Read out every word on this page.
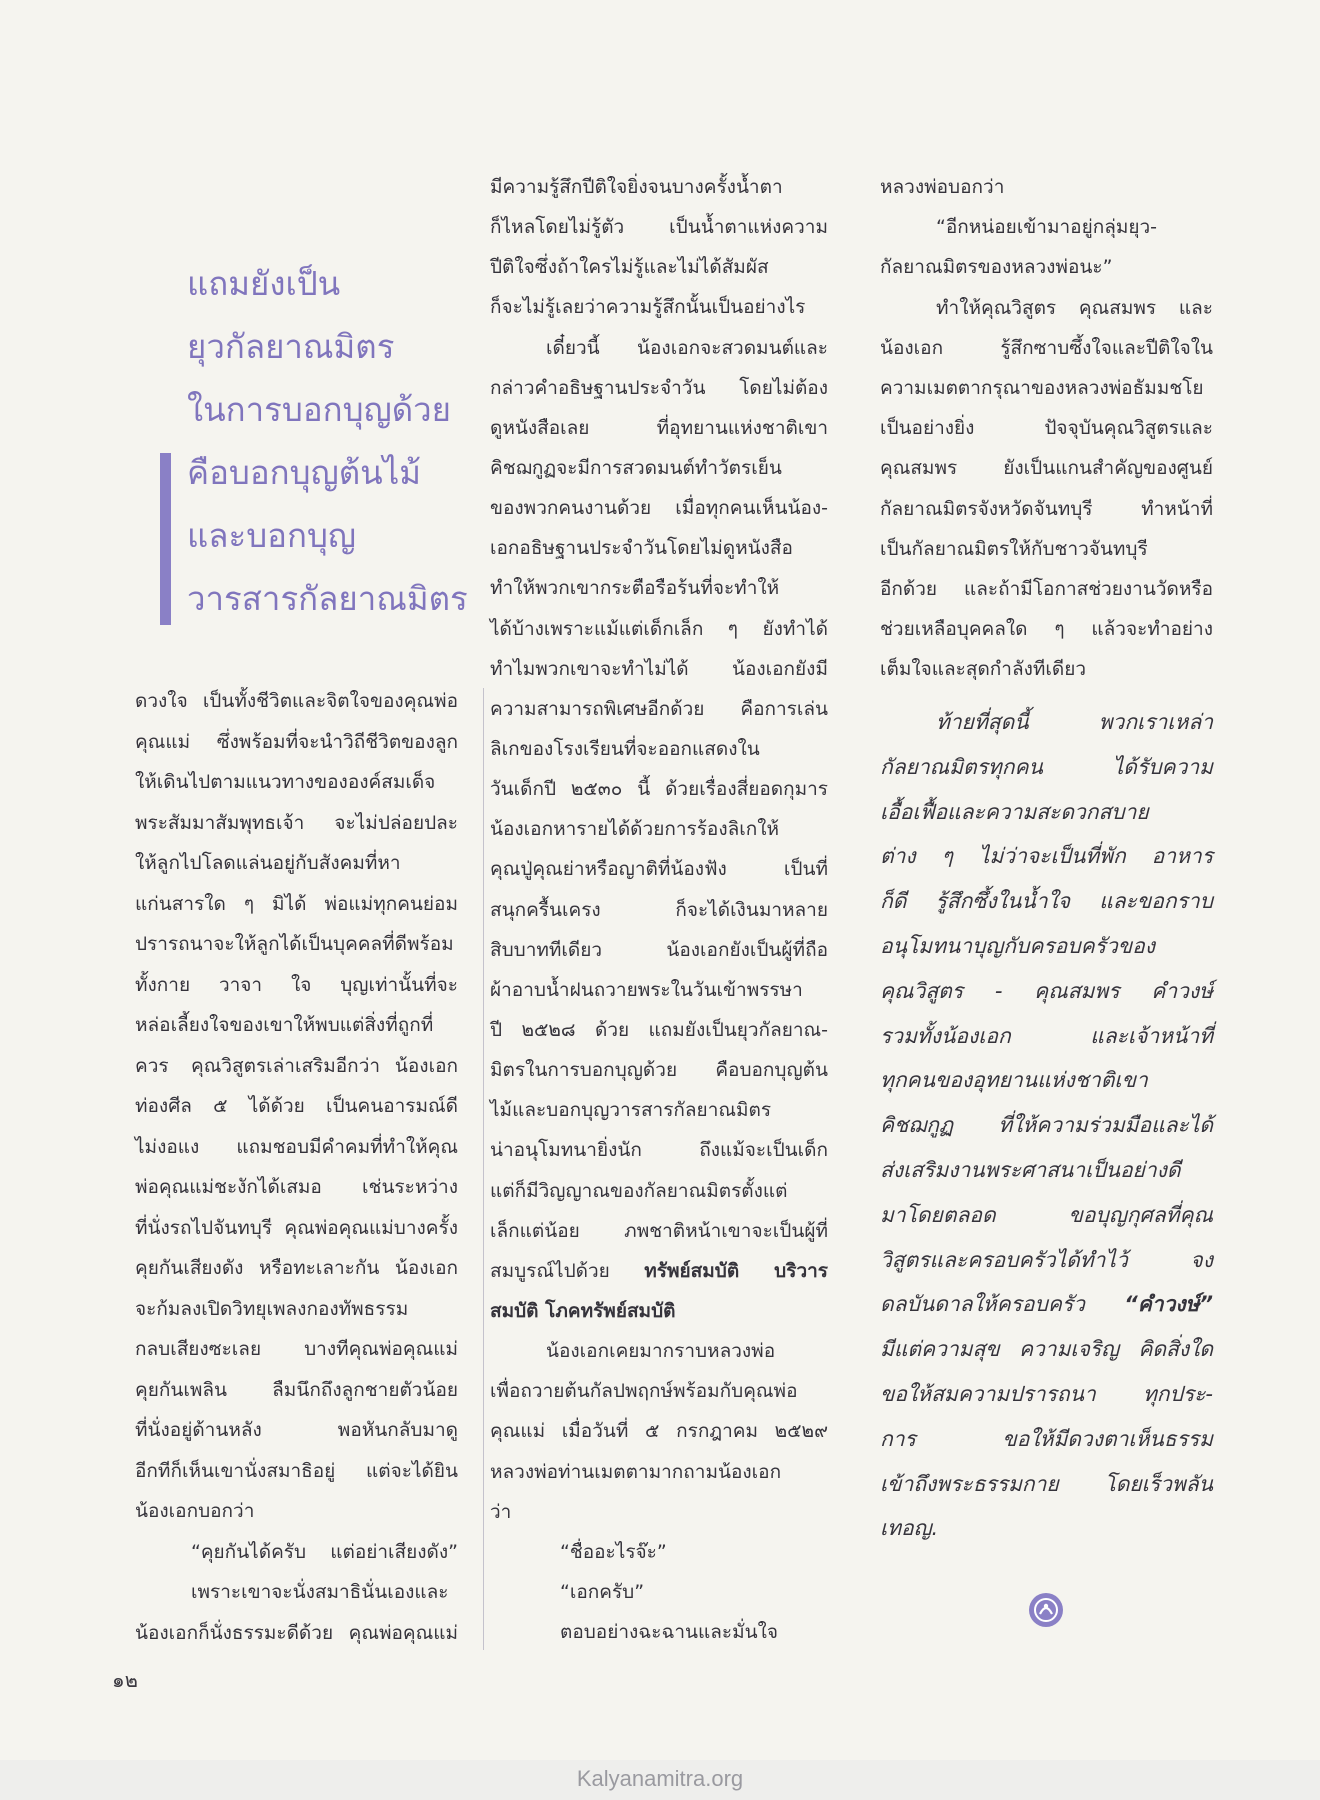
แถมยังเป็น
ยุวกัลยาณมิตร
ในการบอกบุญด้วย
คือบอกบุญต้นไม้
และบอกบุญ
วารสารกัลยาณมิตร
ดวงใจ เป็นทั้งชีวิตและจิตใจของคุณพ่อ
คุณแม่ ซึ่งพร้อมที่จะนำวิถีชีวิตของลูก
ให้เดินไปตามแนวทางขององค์สมเด็จ
พระสัมมาสัมพุทธเจ้า จะไม่ปล่อยปละ
ให้ลูกไปโลดแล่นอยู่กับสังคมที่หา
แก่นสารใด ๆ มิได้ พ่อแม่ทุกคนย่อม
ปรารถนาจะให้ลูกได้เป็นบุคคลที่ดีพร้อม
ทั้งกาย วาจา ใจ บุญเท่านั้นที่จะ
หล่อเลี้ยงใจของเขาให้พบแต่สิ่งที่ถูกที่ควร	คุณวิสูตรเล่าเสริมอีกว่า น้องเอก
ท่องศีล ๕ ได้ด้วย เป็นคนอารมณ์ดี
ไม่งอแง แถมชอบมีคำคมที่ทำให้คุณ
พ่อคุณแม่ชะงักได้เสมอ เช่นระหว่าง
ที่นั่งรถไปจันทบุรี คุณพ่อคุณแม่บางครั้ง
คุยกันเสียงดัง หรือทะเลาะกัน น้องเอก
จะก้มลงเปิดวิทยุเพลงกองทัพธรรม
กลบเสียงซะเลย บางทีคุณพ่อคุณแม่
คุยกันเพลิน ลืมนึกถึงลูกชายตัวน้อย
ที่นั่งอยู่ด้านหลัง พอหันกลับมาดู
อีกทีก็เห็นเขานั่งสมาธิอยู่ แต่จะได้ยิน
น้องเอกบอกว่า
“คุยกันได้ครับ แต่อย่าเสียงดัง”
เพราะเขาจะนั่งสมาธินั่นเองและ
น้องเอกก็นั่งธรรมะดีด้วย คุณพ่อคุณแม่
มีความรู้สึกปีติใจยิ่งจนบางครั้งน้ำตา
ก็ไหลโดยไม่รู้ตัว เป็นน้ำตาแห่งความ
ปีติใจซึ่งถ้าใครไม่รู้และไม่ได้สัมผัส
ก็จะไม่รู้เลยว่าความรู้สึกนั้นเป็นอย่างไร
เดี๋ยวนี้ น้องเอกจะสวดมนต์และ
กล่าวคำอธิษฐานประจำวัน โดยไม่ต้อง
ดูหนังสือเลย ที่อุทยานแห่งชาติเขา
คิชฌกูฏจะมีการสวดมนต์ทำวัตรเย็น
ของพวกคนงานด้วย เมื่อทุกคนเห็นน้อง-
เอกอธิษฐานประจำวันโดยไม่ดูหนังสือ
ทำให้พวกเขากระตือรือร้นที่จะทำให้
ได้บ้างเพราะแม้แต่เด็กเล็ก ๆ ยังทำได้
ทำไมพวกเขาจะทำไม่ได้ น้องเอกยังมี
ความสามารถพิเศษอีกด้วย คือการเล่น
ลิเกของโรงเรียนที่จะออกแสดงใน
วันเด็กปี ๒๕๓๐ นี้ ด้วยเรื่องสี่ยอดกุมาร
น้องเอกหารายได้ด้วยการร้องลิเกให้
คุณปู่คุณย่าหรือญาติที่น้องฟัง เป็นที่
สนุกครื้นเครง ก็จะได้เงินมาหลาย
สิบบาททีเดียว น้องเอกยังเป็นผู้ที่ถือ
ผ้าอาบน้ำฝนถวายพระในวันเข้าพรรษา
ปี ๒๕๒๘ ด้วย แถมยังเป็นยุวกัลยาณ-
มิตรในการบอกบุญด้วย คือบอกบุญต้น
ไม้และบอกบุญวารสารกัลยาณมิตร
น่าอนุโมทนายิ่งนัก ถึงแม้จะเป็นเด็ก
แต่ก็มีวิญญาณของกัลยาณมิตรตั้งแต่
เล็กแต่น้อย ภพชาติหน้าเขาจะเป็นผู้ที่
สมบูรณ์ไปด้วย ทรัพย์สมบัติ บริวาร
สมบัติ โภคทรัพย์สมบัติ
น้องเอกเคยมากราบหลวงพ่อ
เพื่อถวายต้นกัลปพฤกษ์พร้อมกับคุณพ่อ
คุณแม่ เมื่อวันที่ ๕ กรกฎาคม ๒๕๒๙
หลวงพ่อท่านเมตตามากถามน้องเอก
ว่า
“ชื่ออะไรจ๊ะ”
“เอกครับ”
ตอบอย่างฉะฉานและมั่นใจ
หลวงพ่อบอกว่า
“อีกหน่อยเข้ามาอยู่กลุ่มยุว-
กัลยาณมิตรของหลวงพ่อนะ”
ทำให้คุณวิสูตร คุณสมพร และ
น้องเอก รู้สึกซาบซึ้งใจและปีติใจใน
ความเมตตากรุณาของหลวงพ่อธัมมชโย
เป็นอย่างยิ่ง ปัจจุบันคุณวิสูตรและ
คุณสมพร ยังเป็นแกนสำคัญของศูนย์
กัลยาณมิตรจังหวัดจันทบุรี ทำหน้าที่
เป็นกัลยาณมิตรให้กับชาวจันทบุรี
อีกด้วย และถ้ามีโอกาสช่วยงานวัดหรือ
ช่วยเหลือบุคคลใด ๆ แล้วจะทำอย่าง
เต็มใจและสุดกำลังทีเดียว
ท้ายที่สุดนี้ พวกเราเหล่า
กัลยาณมิตรทุกคน ได้รับความ
เอื้อเฟื้อและความสะดวกสบาย
ต่าง ๆ ไม่ว่าจะเป็นที่พัก อาหาร
ก็ดี รู้สึกซึ้งในน้ำใจ และขอกราบ
อนุโมทนาบุญกับครอบครัวของ
คุณวิสูตร - คุณสมพร คำวงษ์
รวมทั้งน้องเอก และเจ้าหน้าที่
ทุกคนของอุทยานแห่งชาติเขา
คิชฌกูฏ ที่ให้ความร่วมมือและได้
ส่งเสริมงานพระศาสนาเป็นอย่างดี
มาโดยตลอด ขอบุญกุศลที่คุณ
วิสูตรและครอบครัวได้ทำไว้ จง
ดลบันดาลให้ครอบครัว “คำวงษ์”
มีแต่ความสุข ความเจริญ คิดสิ่งใด
ขอให้สมความปรารถนา ทุกประ-
การ ขอให้มีดวงตาเห็นธรรม
เข้าถึงพระธรรมกาย โดยเร็วพลัน
เทอญ.
๑๒
Kalyanamitra.org
